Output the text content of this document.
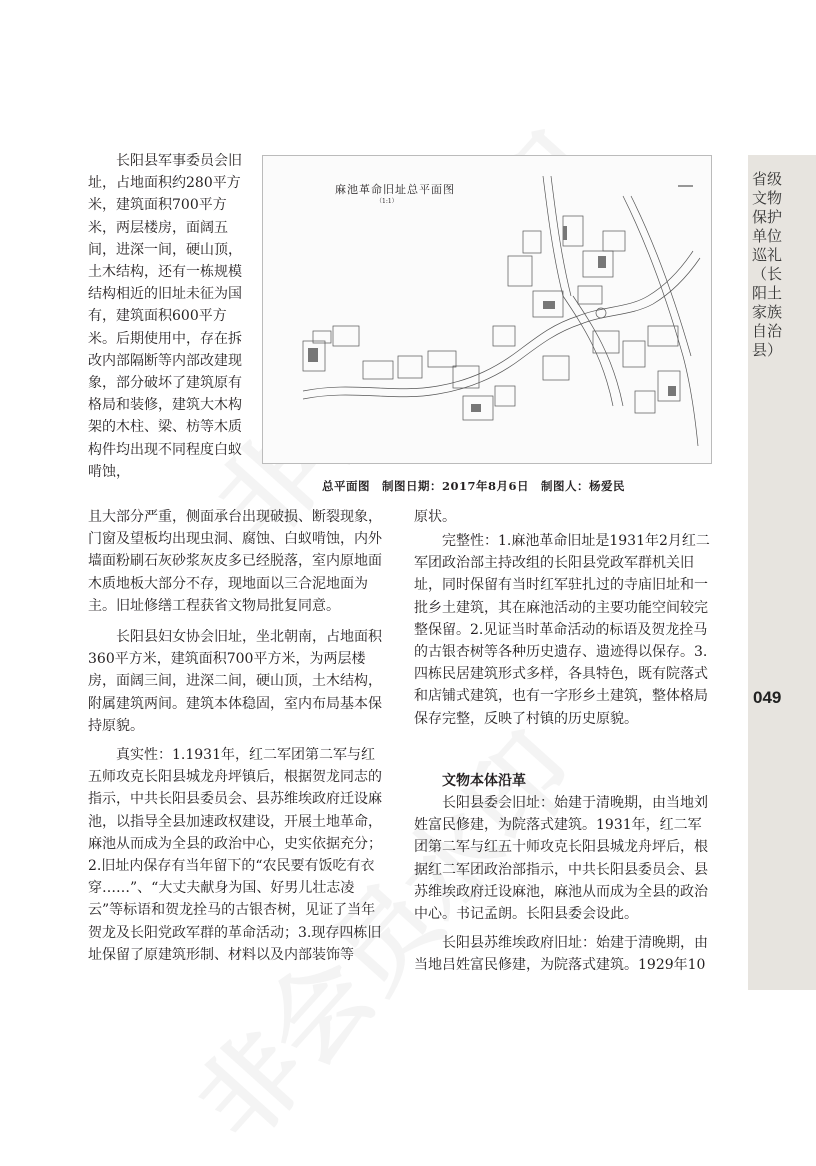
省级文物保护单位巡礼（长阳土家族自治县）
049
麻池革命旧址总平面图
（1:1）
总平面图　制图日期：2017年8月6日　制图人：杨爱民

长阳县军事委员会旧址，占地面积约280平方米，建筑面积700平方米，两层楼房，面阔五间，进深一间，硬山顶，土木结构，还有一栋规模结构相近的旧址未征为国有，建筑面积600平方米。后期使用中，存在拆改内部隔断等内部改建现象，部分破坏了建筑原有格局和装修，建筑大木构架的木柱、梁、枋等木质构件均出现不同程度白蚁啃蚀，

且大部分严重，侧面承台出现破损、断裂现象，门窗及望板均出现虫洞、腐蚀、白蚁啃蚀，内外墙面粉刷石灰砂浆灰皮多已经脱落，室内原地面木质地板大部分不存，现地面以三合泥地面为主。旧址修缮工程获省文物局批复同意。

长阳县妇女协会旧址，坐北朝南，占地面积360平方米，建筑面积700平方米，为两层楼房，面阔三间，进深二间，硬山顶，土木结构，附属建筑两间。建筑本体稳固，室内布局基本保持原貌。

真实性：1.1931年，红二军团第二军与红五师攻克长阳县城龙舟坪镇后，根据贺龙同志的指示，中共长阳县委员会、县苏维埃政府迁设麻池，以指导全县加速政权建设，开展土地革命，麻池从而成为全县的政治中心，史实依据充分；2.旧址内保存有当年留下的“农民要有饭吃有衣穿……”、“大丈夫献身为国、好男儿壮志凌云”等标语和贺龙拴马的古银杏树，见证了当年贺龙及长阳党政军群的革命活动；3.现存四栋旧址保留了原建筑形制、材料以及内部装饰等

原状。

完整性：1.麻池革命旧址是1931年2月红二军团政治部主持改组的长阳县党政军群机关旧址，同时保留有当时红军驻扎过的寺庙旧址和一批乡土建筑，其在麻池活动的主要功能空间较完整保留。2.见证当时革命活动的标语及贺龙拴马的古银杏树等各种历史遗存、遗迹得以保存。3.四栋民居建筑形式多样，各具特色，既有院落式和店铺式建筑，也有一字形乡土建筑，整体格局保存完整，反映了村镇的历史原貌。

文物本体沿革

长阳县委会旧址：始建于清晚期，由当地刘姓富民修建，为院落式建筑。1931年，红二军团第二军与红五十师攻克长阳县城龙舟坪后，根据红二军团政治部指示，中共长阳县委员会、县苏维埃政府迁设麻池，麻池从而成为全县的政治中心。书记孟朗。长阳县委会设此。

长阳县苏维埃政府旧址：始建于清晚期，由当地吕姓富民修建，为院落式建筑。1929年10
